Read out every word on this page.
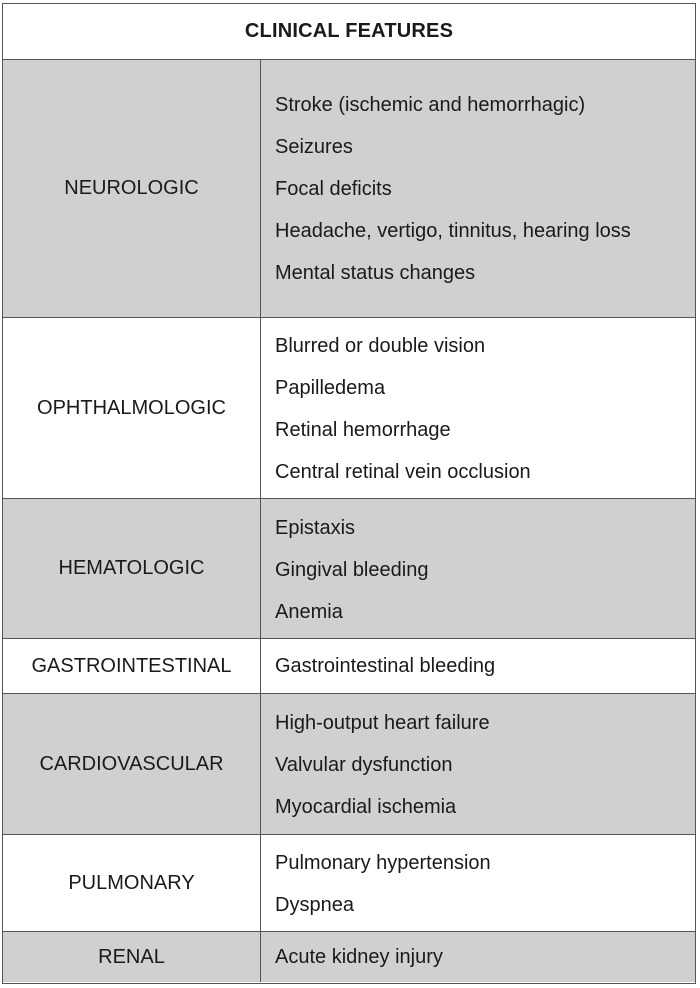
CLINICAL FEATURES
NEUROLOGIC
Stroke (ischemic and hemorrhagic)
Seizures
Focal deficits
Headache, vertigo, tinnitus, hearing loss
Mental status changes
OPHTHALMOLOGIC
Blurred or double vision
Papilledema
Retinal hemorrhage
Central retinal vein occlusion
HEMATOLOGIC
Epistaxis
Gingival bleeding
Anemia
GASTROINTESTINAL	Gastrointestinal bleeding
CARDIOVASCULAR
High-output heart failure
Valvular dysfunction
Myocardial ischemia
PULMONARY
Pulmonary hypertension
Dyspnea
RENAL	Acute kidney injury
